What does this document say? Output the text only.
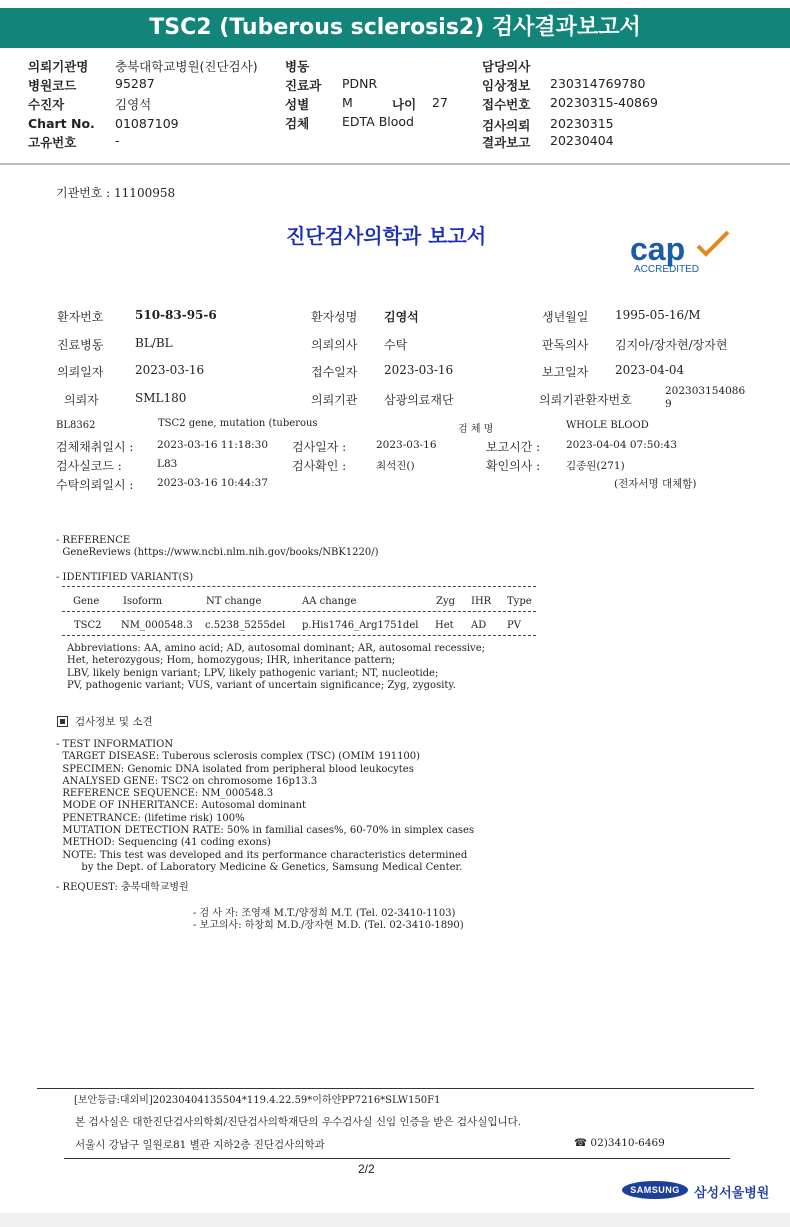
TSC2 (Tuberous sclerosis2) 검사결과보고서
의뢰기관명 충북대학교병원(진단검사)
병원코드	95287
수진자	김영석
Chart No. 01087109
고유번호	-
병동
진료과 PDNR
성별	M	나이 27
검체	EDTA Blood
담당의사
임상정보 230314769780
접수번호 20230315-40869
검사의뢰 20230315
결과보고 20230404
기관번호 : 11100958
진단검사의학과 보고서	cap
ACCREDITED
환자번호	510-83-95-6	환자성명 김영석	생년월일 1995-05-16/M
진료병동	BL/BL	의뢰의사 수탁	판독의사 김지아/장자현/장자현
의뢰일자	2023-03-16	접수일자 2023-03-16	보고일자 2023-04-04
의뢰자	SML180	의뢰기관 삼광의료재단	의뢰기관환자번호
202303154086
9
BL8362	TSC2 gene, mutation (tuberous
검 체 명	WHOLE BLOOD
검체채취일시 : 2023-03-16 11:18:30 검사일자 :	2023-03-16	보고시간 : 2023-04-04 07:50:43
검사실코드 :	L83	검사확인 :	최석진()	확인의사 : 김종원(271)
수탁의뢰일시 : 2023-03-16 10:44:37	(전자서명 대체함)
- REFERENCE
GeneReviews (https://www.ncbi.nlm.nih.gov/books/NBK1220/)
- IDENTIFIED VARIANT(S)
Gene Isoform	NT change	AA change	Zyg IHR Type
TSC2 NM_000548.3 c.5238_5255del p.His1746_Arg1751del Het AD PV
Abbreviations: AA, amino acid; AD, autosomal dominant; AR, autosomal recessive;
Het, heterozygous; Hom, homozygous; IHR, inheritance pattern;
LBV, likely benign variant; LPV, likely pathogenic variant; NT, nucleotide;
PV, pathogenic variant; VUS, variant of uncertain significance; Zyg, zygosity.
검사정보 및 소견
- TEST INFORMATION
TARGET DISEASE: Tuberous sclerosis complex (TSC) (OMIM 191100)
SPECIMEN: Genomic DNA isolated from peripheral blood leukocytes
ANALYSED GENE: TSC2 on chromosome 16p13.3
REFERENCE SEQUENCE: NM_000548.3
MODE OF INHERITANCE: Autosomal dominant
PENETRANCE: (lifetime risk) 100%
MUTATION DETECTION RATE: 50% in familial cases%, 60-70% in simplex cases
METHOD: Sequencing (41 coding exons)
NOTE: This test was developed and its performance characteristics determined
by the Dept. of Laboratory Medicine & Genetics, Samsung Medical Center.
- REQUEST: 충북대학교병원
- 검 사 자: 조영재 M.T./양정희 M.T. (Tel. 02-3410-1103)
- 보고의사: 하창희 M.D./장자현 M.D. (Tel. 02-3410-1890)
[보안등급:대외비]20230404135504*119.4.22.59*이하얀PP7216*SLW150F1
본 검사실은 대한진단검사의학회/진단검사의학재단의 우수검사실 신임 인증을 받은 검사실입니다.
서울시 강남구 일원로81 별관 지하2층 진단검사의학과	☎ 02)3410-6469
2/2
SAMSUNG	삼성서울병원
